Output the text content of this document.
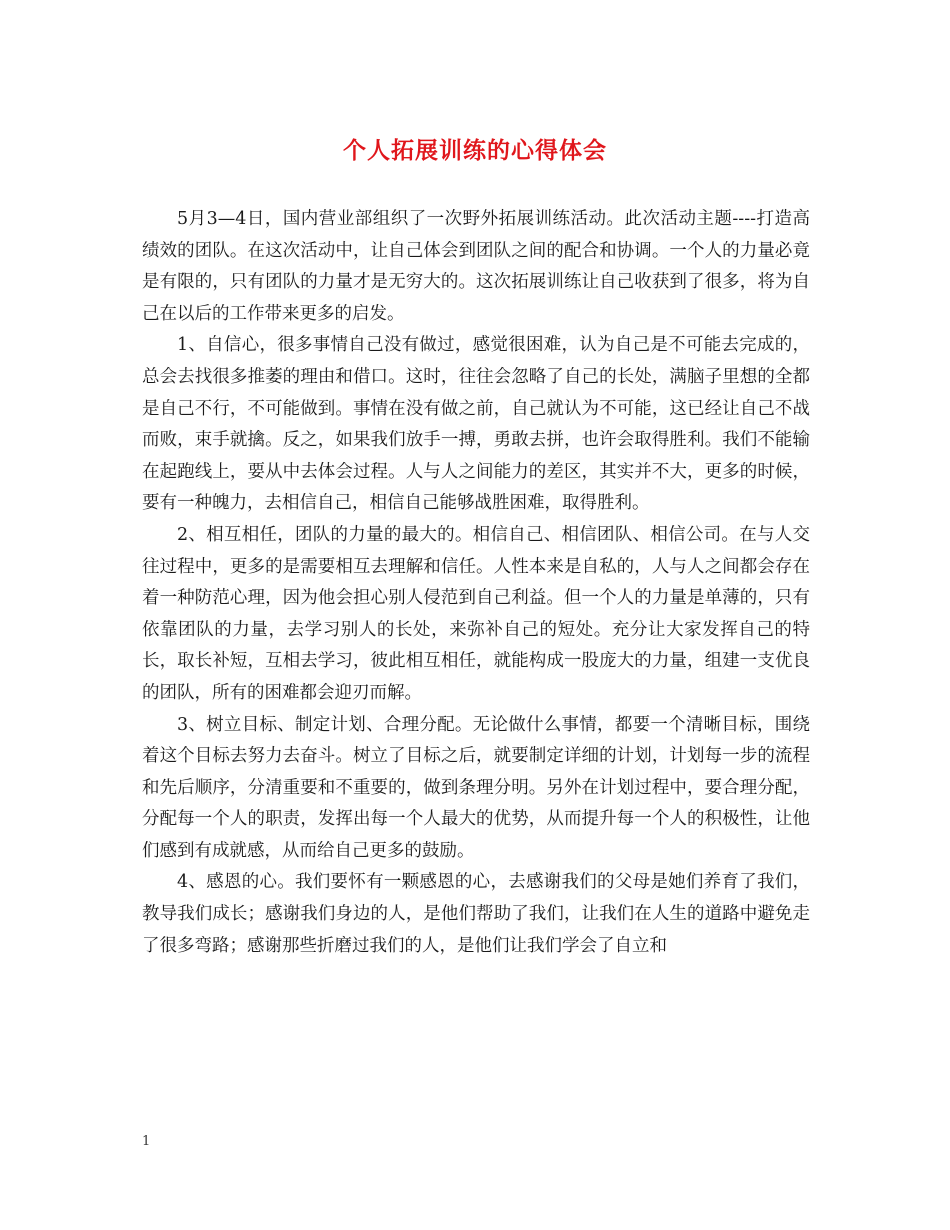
个人拓展训练的心得体会

5月3—4日，国内营业部组织了一次野外拓展训练活动。此次活动主题----打造高绩效的团队。在这次活动中，让自己体会到团队之间的配合和协调。一个人的力量必竟是有限的，只有团队的力量才是无穷大的。这次拓展训练让自己收获到了很多，将为自己在以后的工作带来更多的启发。

1、自信心，很多事情自己没有做过，感觉很困难，认为自己是不可能去完成的，总会去找很多推萎的理由和借口。这时，往往会忽略了自己的长处，满脑子里想的全都是自己不行，不可能做到。事情在没有做之前，自己就认为不可能，这已经让自己不战而败，束手就擒。反之，如果我们放手一搏，勇敢去拼，也许会取得胜利。我们不能输在起跑线上，要从中去体会过程。人与人之间能力的差区，其实并不大，更多的时候，要有一种魄力，去相信自己，相信自己能够战胜困难，取得胜利。

2、相互相任，团队的力量的最大的。相信自己、相信团队、相信公司。在与人交往过程中，更多的是需要相互去理解和信任。人性本来是自私的，人与人之间都会存在着一种防范心理，因为他会担心别人侵范到自己利益。但一个人的力量是单薄的，只有依靠团队的力量，去学习别人的长处，来弥补自己的短处。充分让大家发挥自己的特长，取长补短，互相去学习，彼此相互相任，就能构成一股庞大的力量，组建一支优良的团队，所有的困难都会迎刃而解。

3、树立目标、制定计划、合理分配。无论做什么事情，都要一个清晰目标，围绕着这个目标去努力去奋斗。树立了目标之后，就要制定详细的计划，计划每一步的流程和先后顺序，分清重要和不重要的，做到条理分明。另外在计划过程中，要合理分配，分配每一个人的职责，发挥出每一个人最大的优势，从而提升每一个人的积极性，让他们感到有成就感，从而给自己更多的鼓励。

4、感恩的心。我们要怀有一颗感恩的心，去感谢我们的父母是她们养育了我们，教导我们成长；感谢我们身边的人，是他们帮助了我们，让我们在人生的道路中避免走了很多弯路；感谢那些折磨过我们的人，是他们让我们学会了自立和

1
